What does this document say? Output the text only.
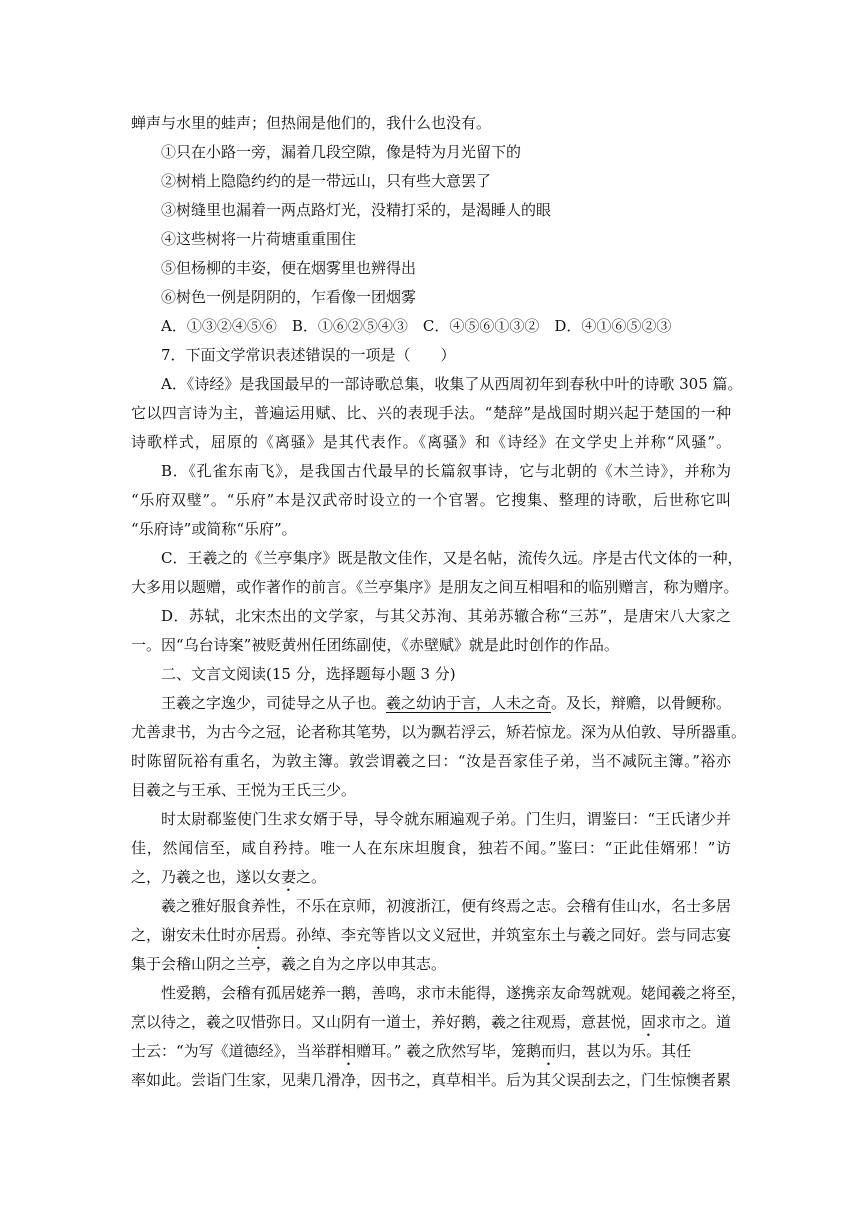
蝉声与水里的蛙声；但热闹是他们的，我什么也没有。
①只在小路一旁，漏着几段空隙，像是特为月光留下的
②树梢上隐隐约约的是一带远山，只有些大意罢了
③树缝里也漏着一两点路灯光，没精打采的，是渴睡人的眼
④这些树将一片荷塘重重围住
⑤但杨柳的丰姿，便在烟雾里也辨得出
⑥树色一例是阴阴的，乍看像一团烟雾
A．①③②④⑤⑥　B．①⑥②⑤④③　C．④⑤⑥①③②　D．④①⑥⑤②③
7．下面文学常识表述错误的一项是（　　）
A．《诗经》是我国最早的一部诗歌总集，收集了从西周初年到春秋中叶的诗歌 305 篇。
它以四言诗为主，普遍运用赋、比、兴的表现手法。“楚辞”是战国时期兴起于楚国的一种
诗歌样式，屈原的《离骚》是其代表作。《离骚》和《诗经》在文学史上并称“风骚”。
B．《孔雀东南飞》，是我国古代最早的长篇叙事诗，它与北朝的《木兰诗》，并称为
“乐府双璧”。“乐府”本是汉武帝时设立的一个官署。它搜集、整理的诗歌，后世称它叫
“乐府诗”或简称“乐府”。
C．王羲之的《兰亭集序》既是散文佳作，又是名帖，流传久远。序是古代文体的一种，
大多用以题赠，或作著作的前言。《兰亭集序》是朋友之间互相唱和的临别赠言，称为赠序。
D．苏轼，北宋杰出的文学家，与其父苏洵、其弟苏辙合称“三苏”，是唐宋八大家之
一。因“乌台诗案”被贬黄州任团练副使，《赤壁赋》就是此时创作的作品。
二、文言文阅读(15 分，选择题每小题 3 分)
王羲之字逸少，司徒导之从子也。羲之幼讷于言，人未之奇。及长，辩赡，以骨鲠称。
尤善隶书，为古今之冠，论者称其笔势，以为飘若浮云，矫若惊龙。深为从伯敦、导所器重。
时陈留阮裕有重名，为敦主簿。敦尝谓羲之曰：“汝是吾家佳子弟，当不减阮主簿。”裕亦
目羲之与王承、王悦为王氏三少。
时太尉郗鉴使门生求女婿于导，导令就东厢遍观子弟。门生归，谓鉴曰：“王氏诸少并
佳，然闻信至，咸自矜持。唯一人在东床坦腹食，独若不闻。”鉴曰：“正此佳婿邪！”访
之，乃羲之也，遂以女妻之。
羲之雅好服食养性，不乐在京师，初渡浙江，便有终焉之志。会稽有佳山水，名士多居
之，谢安未仕时亦居焉。孙绰、李充等皆以文义冠世，并筑室东土与羲之同好。尝与同志宴
集于会稽山阴之兰亭，羲之自为之序以申其志。
性爱鹅，会稽有孤居姥养一鹅，善鸣，求市未能得，遂携亲友命驾就观。姥闻羲之将至，
烹以待之，羲之叹惜弥日。又山阴有一道士，养好鹅，羲之往观焉，意甚悦，固求市之。道
士云：“为写《道德经》，当举群相赠耳。” 羲之欣然写毕，笼鹅而归，甚以为乐。其任
率如此。尝诣门生家，见棐几滑净，因书之，真草相半。后为其父误刮去之，门生惊懊者累
